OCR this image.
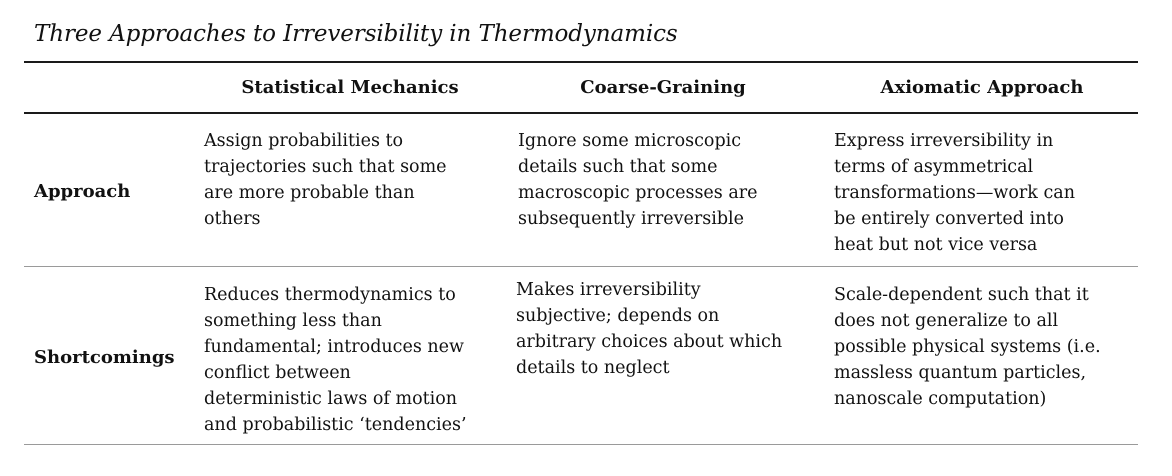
Three Approaches to Irreversibility in Thermodynamics
Statistical Mechanics	Coarse-Graining	Axiomatic Approach
Approach
Assign probabilities to
trajectories such that some
are more probable than
others
Ignore some microscopic
details such that some
macroscopic processes are
subsequently irreversible
Express irreversibility in
terms of asymmetrical
transformations—work can
be entirely converted into
heat but not vice versa
Shortcomings
Reduces thermodynamics to
something less than
fundamental; introduces new
conflict between
deterministic laws of motion
and probabilistic ‘tendencies’
Makes irreversibility
subjective; depends on
arbitrary choices about which
details to neglect
Scale-dependent such that it
does not generalize to all
possible physical systems (i.e.
massless quantum particles,
nanoscale computation)
